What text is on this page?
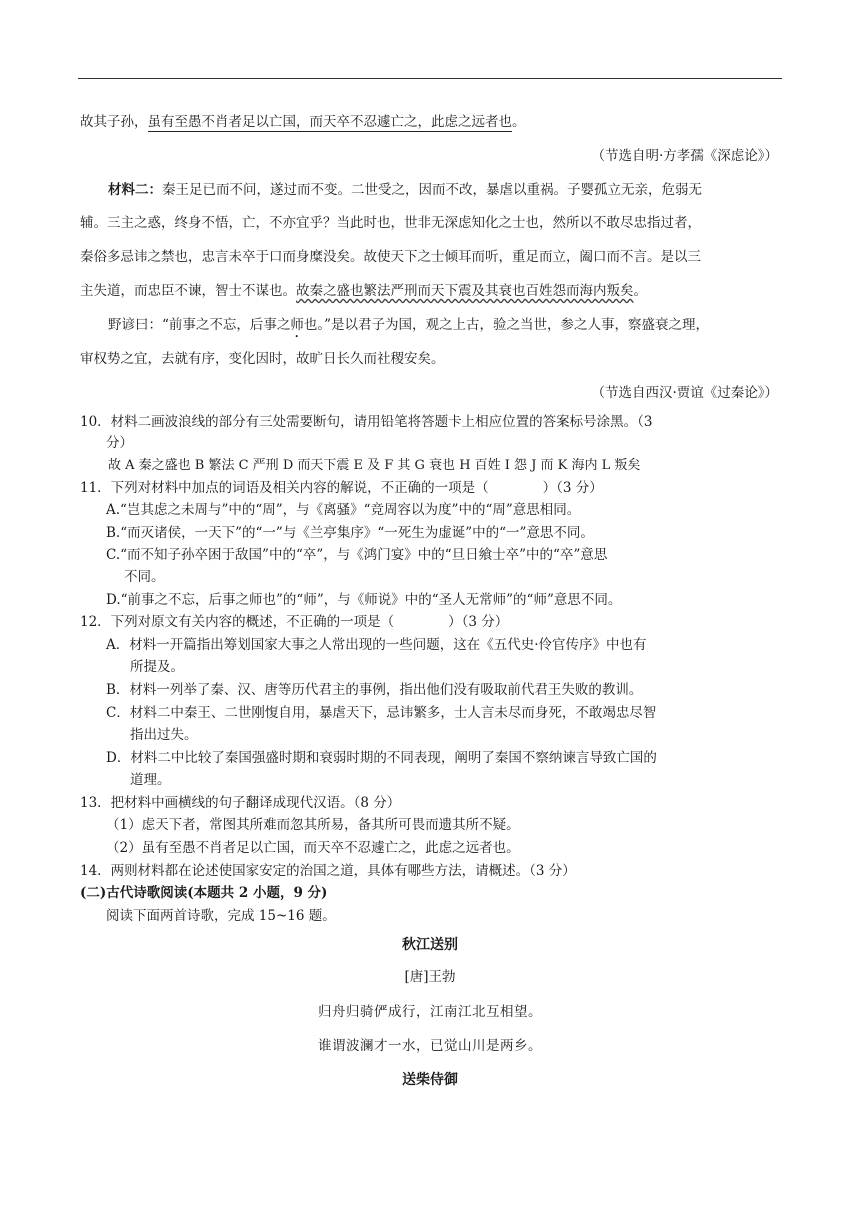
故其子孙，虽有至愚不肖者足以亡国，而天卒不忍遽亡之，此虑之远者也。
（节选自明·方孝孺《深虑论》）
材料二：秦王足已而不问，遂过而不变。二世受之，因而不改，暴虐以重祸。子婴孤立无亲，危弱无
辅。三主之惑，终身不悟，亡，不亦宜乎？当此时也，世非无深虑知化之士也，然所以不敢尽忠指过者，
秦俗多忌讳之禁也，忠言未卒于口而身糜没矣。故使天下之士倾耳而听，重足而立，阖口而不言。是以三
主失道，而忠臣不谏，智士不谋也。故秦之盛也繁法严刑而天下震及其衰也百姓怨而海内叛矣。
野谚曰：“前事之不忘，后事之师也。”是以君子为国，观之上古，验之当世，参之人事，察盛衰之理，
审权势之宜，去就有序，变化因时，故旷日长久而社稷安矣。
（节选自西汉·贾谊《过秦论》）
10．材料二画波浪线的部分有三处需要断句，请用铅笔将答题卡上相应位置的答案标号涂黑。（3
分）
故 A 秦之盛也 B 繁法 C 严刑 D 而天下震 E 及 F 其 G 衰也 H 百姓 I 怨 J 而 K 海内 L 叛矣
11．下列对材料中加点的词语及相关内容的解说，不正确的一项是（　　　　）（3 分）
A.“岂其虑之未周与”中的“周”，与《离骚》“竞周容以为度”中的“周”意思相同。
B.“而灭诸侯，一天下”的“一”与《兰亭集序》“一死生为虚诞”中的“一”意思不同。
C.“而不知子孙卒困于敌国”中的“卒”，与《鸿门宴》中的“旦日飨士卒”中的“卒”意思
不同。
D.“前事之不忘，后事之师也”的“师”，与《师说》中的“圣人无常师”的“师”意思不同。
12．下列对原文有关内容的概述，不正确的一项是（　　　　）（3 分）
A．材料一开篇指出筹划国家大事之人常出现的一些问题，这在《五代史·伶官传序》中也有
所提及。
B．材料一列举了秦、汉、唐等历代君主的事例，指出他们没有吸取前代君王失败的教训。
C．材料二中秦王、二世刚愎自用，暴虐天下，忌讳繁多，士人言未尽而身死，不敢竭忠尽智
指出过失。
D．材料二中比较了秦国强盛时期和衰弱时期的不同表现，阐明了秦国不察纳谏言导致亡国的
道理。
13．把材料中画横线的句子翻译成现代汉语。（8 分）
（1）虑天下者，常图其所难而忽其所易，备其所可畏而遗其所不疑。
（2）虽有至愚不肖者足以亡国，而天卒不忍遽亡之，此虑之远者也。
14．两则材料都在论述使国家安定的治国之道，具体有哪些方法，请概述。（3 分）
(二)古代诗歌阅读(本题共 2 小题，9 分)
阅读下面两首诗歌，完成 15~16 题。
秋江送别
[唐]王勃
归舟归骑俨成行，江南江北互相望。
谁谓波澜才一水，已觉山川是两乡。
送柴侍御
